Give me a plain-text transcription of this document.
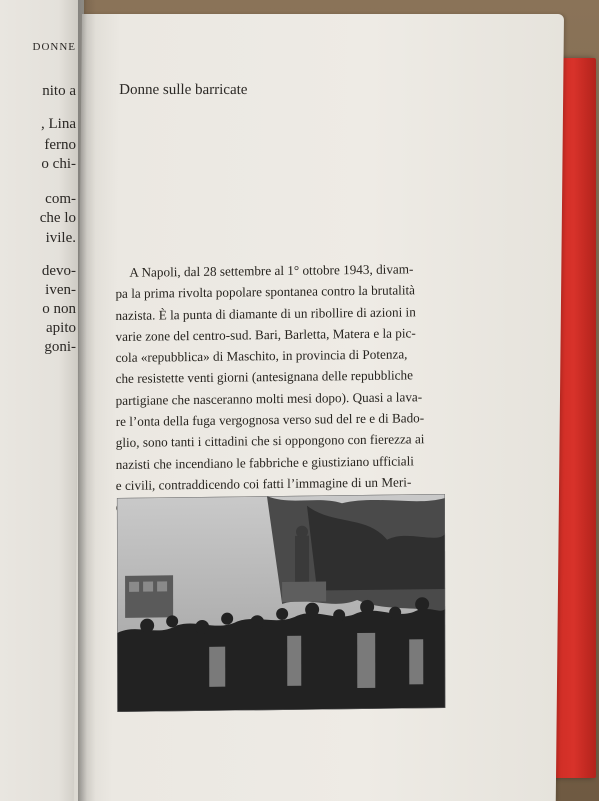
DONNE
nito a
, Lina
ferno
o chi-
com-
che lo
ivile.
devo-
iven-
o non
apito
goni-
Donne sulle barricate

A Napoli, dal 28 settembre al 1° ottobre 1943, divam-
pa la prima rivolta popolare spontanea contro la brutalità
nazista. È la punta di diamante di un ribollire di azioni in
varie zone del centro-sud. Bari, Barletta, Matera e la pic-
cola «repubblica» di Maschito, in provincia di Potenza,
che resistette venti giorni (antesignana delle repubbliche
partigiane che nasceranno molti mesi dopo). Quasi a lava-
re l’onta della fuga vergognosa verso sud del re e di Bado-
glio, sono tanti i cittadini che si oppongono con fierezza ai
nazisti che incendiano le fabbriche e giustiziano ufficiali
e civili, contraddicendo coi fatti l’immagine di un Meri-
